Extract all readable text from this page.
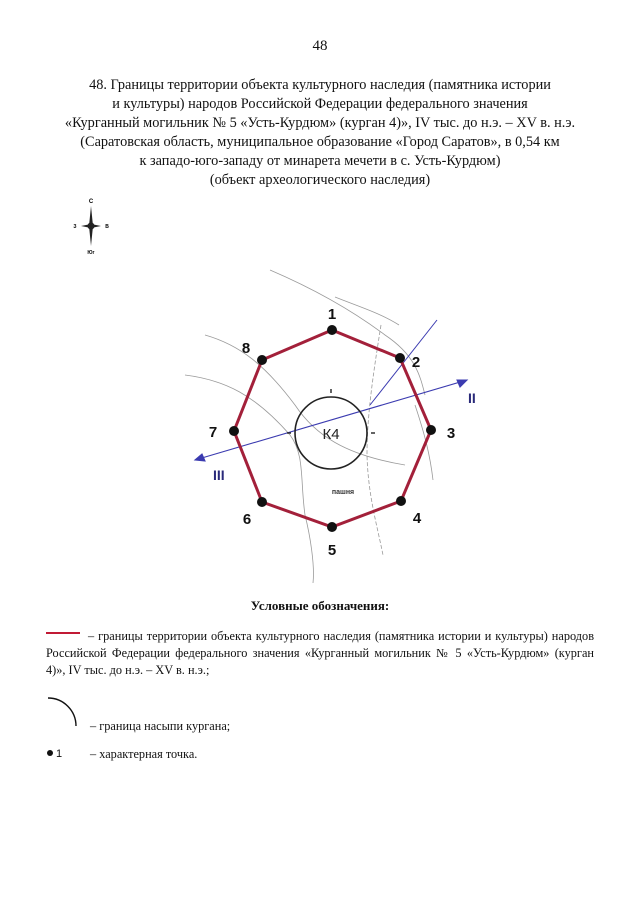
48
48. Границы территории объекта культурного наследия (памятника истории
и культуры) народов Российской Федерации федерального значения
«Курганный могильник № 5 «Усть-Курдюм» (курган 4)», IV тыс. до н.э. – XV в. н.э.
(Саратовская область, муниципальное образование «Город Саратов», в 0,54 км
к западо-юго-западу от минарета мечети в с. Усть-Курдюм)
(объект археологического наследия)
С
Юг
З	В
II
III
К4
пашня
1
2
3
4
5
6
7
8
Условные обозначения:
– границы территории объекта культурного наследия (памятника истории и культуры) народов Российской Федерации федерального значения «Курганный могильник № 5 «Усть-Курдюм» (курган 4)», IV тыс. до н.э. – XV в. н.э.;
– граница насыпи кургана;
1 – характерная точка.
